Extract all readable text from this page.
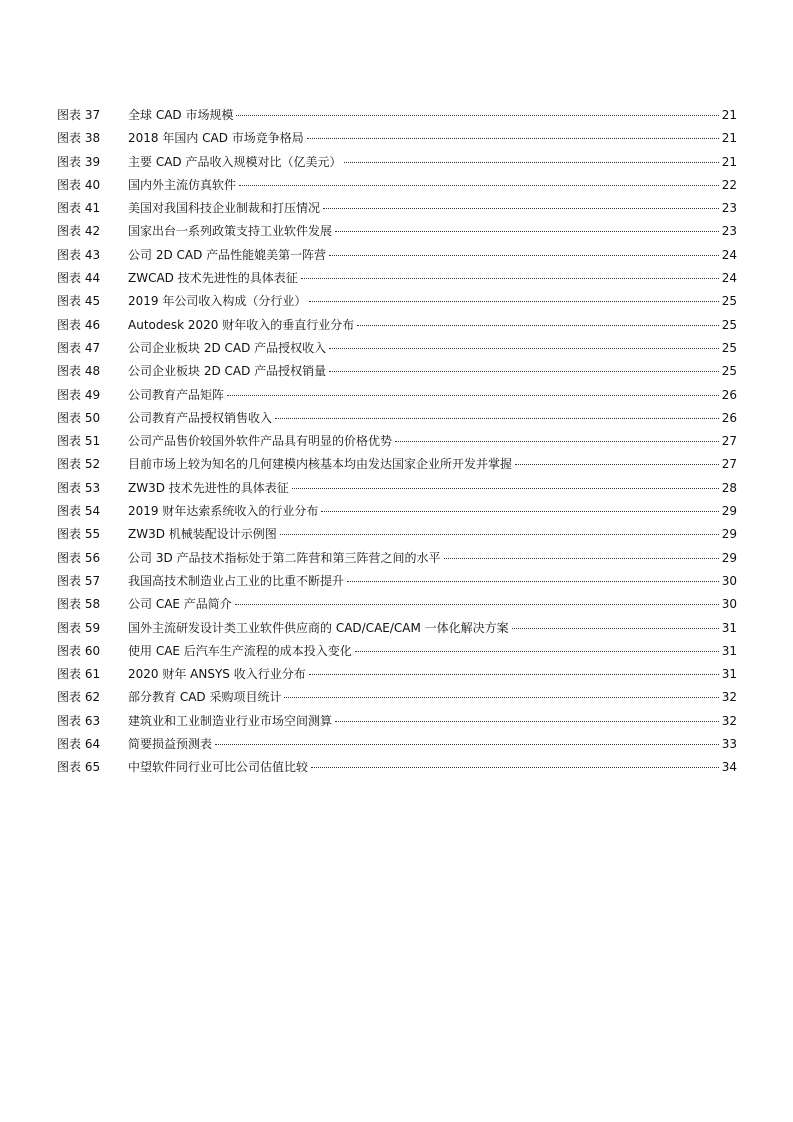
图表 37	全球 CAD 市场规模	21
图表 38	2018 年国内 CAD 市场竞争格局	21
图表 39	主要 CAD 产品收入规模对比（亿美元）	21
图表 40	国内外主流仿真软件	22
图表 41	美国对我国科技企业制裁和打压情况	23
图表 42	国家出台一系列政策支持工业软件发展	23
图表 43	公司 2D CAD 产品性能媲美第一阵营	24
图表 44	ZWCAD 技术先进性的具体表征	24
图表 45	2019 年公司收入构成（分行业）	25
图表 46	Autodesk 2020 财年收入的垂直行业分布	25
图表 47	公司企业板块 2D CAD 产品授权收入	25
图表 48	公司企业板块 2D CAD 产品授权销量	25
图表 49	公司教育产品矩阵	26
图表 50	公司教育产品授权销售收入	26
图表 51	公司产品售价较国外软件产品具有明显的价格优势	27
图表 52	目前市场上较为知名的几何建模内核基本均由发达国家企业所开发并掌握	27
图表 53	ZW3D 技术先进性的具体表征	28
图表 54	2019 财年达索系统收入的行业分布	29
图表 55	ZW3D 机械装配设计示例图	29
图表 56	公司 3D 产品技术指标处于第二阵营和第三阵营之间的水平	29
图表 57	我国高技术制造业占工业的比重不断提升	30
图表 58	公司 CAE 产品简介	30
图表 59	国外主流研发设计类工业软件供应商的 CAD/CAE/CAM 一体化解决方案	31
图表 60	使用 CAE 后汽车生产流程的成本投入变化	31
图表 61	2020 财年 ANSYS 收入行业分布	31
图表 62	部分教育 CAD 采购项目统计	32
图表 63	建筑业和工业制造业行业市场空间测算	32
图表 64	简要损益预测表	33
图表 65	中望软件同行业可比公司估值比较	34
